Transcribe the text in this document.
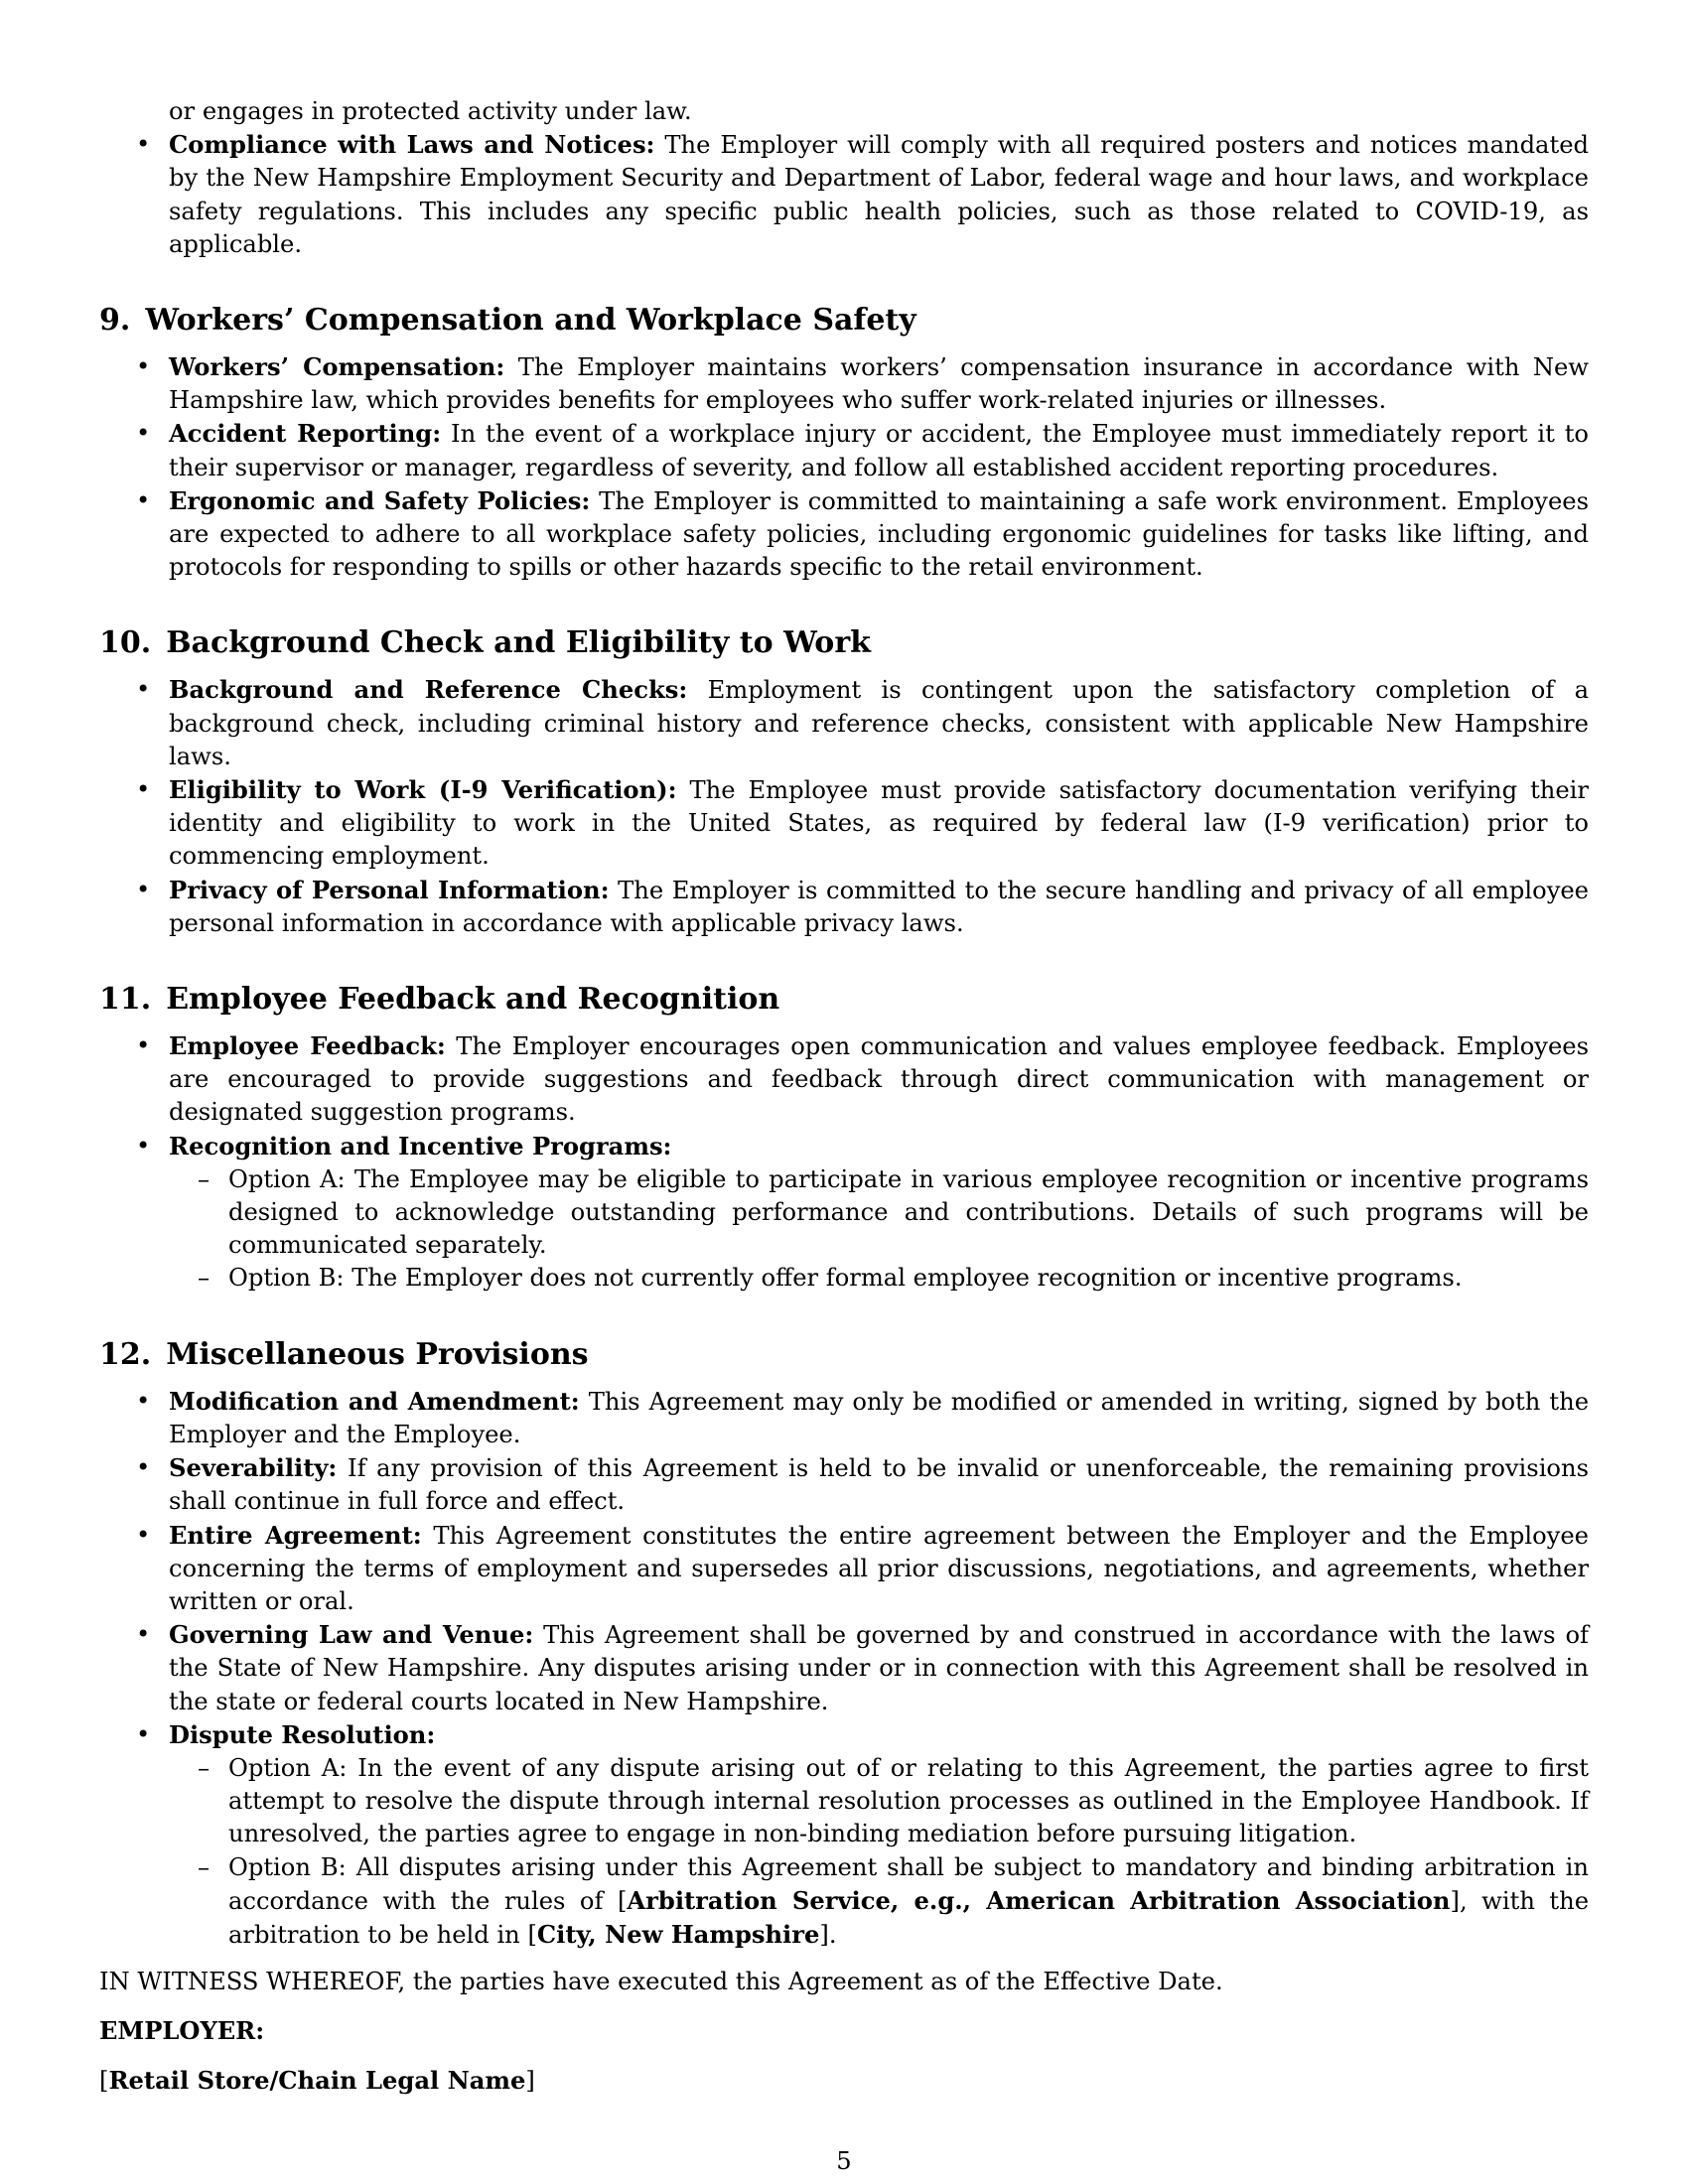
or engages in protected activity under law.
• Compliance with Laws and Notices: The Employer will comply with all required posters and notices mandated by the New Hampshire Employment Security and Department of Labor, federal wage and hour laws, and workplace safety regulations. This includes any specific public health policies, such as those related to COVID-19, as applicable.
9. Workers’ Compensation and Workplace Safety
• Workers’ Compensation: The Employer maintains workers’ compensation insurance in accordance with New Hampshire law, which provides benefits for employees who suffer work-related injuries or illnesses.
• Accident Reporting: In the event of a workplace injury or accident, the Employee must immediately report it to their supervisor or manager, regardless of severity, and follow all established accident reporting procedures.
• Ergonomic and Safety Policies: The Employer is committed to maintaining a safe work environment. Employees are expected to adhere to all workplace safety policies, including ergonomic guidelines for tasks like lifting, and protocols for responding to spills or other hazards specific to the retail environment.
10. Background Check and Eligibility to Work
• Background and Reference Checks: Employment is contingent upon the satisfactory completion of a background check, including criminal history and reference checks, consistent with applicable New Hampshire laws.
• Eligibility to Work (I-9 Verification): The Employee must provide satisfactory documentation verifying their identity and eligibility to work in the United States, as required by federal law (I-9 verification) prior to commencing employment.
• Privacy of Personal Information: The Employer is committed to the secure handling and privacy of all employee personal information in accordance with applicable privacy laws.
11. Employee Feedback and Recognition
• Employee Feedback: The Employer encourages open communication and values employee feedback. Employees are encouraged to provide suggestions and feedback through direct communication with management or designated suggestion programs.
• Recognition and Incentive Programs:
– Option A: The Employee may be eligible to participate in various employee recognition or incentive programs designed to acknowledge outstanding performance and contributions. Details of such programs will be communicated separately.
– Option B: The Employer does not currently offer formal employee recognition or incentive programs.
12. Miscellaneous Provisions
• Modification and Amendment: This Agreement may only be modified or amended in writing, signed by both the Employer and the Employee.
• Severability: If any provision of this Agreement is held to be invalid or unenforceable, the remaining provisions shall continue in full force and effect.
• Entire Agreement: This Agreement constitutes the entire agreement between the Employer and the Employee concerning the terms of employment and supersedes all prior discussions, negotiations, and agreements, whether written or oral.
• Governing Law and Venue: This Agreement shall be governed by and construed in accordance with the laws of the State of New Hampshire. Any disputes arising under or in connection with this Agreement shall be resolved in the state or federal courts located in New Hampshire.
• Dispute Resolution:
– Option A: In the event of any dispute arising out of or relating to this Agreement, the parties agree to first attempt to resolve the dispute through internal resolution processes as outlined in the Employee Handbook. If unresolved, the parties agree to engage in non-binding mediation before pursuing litigation.
– Option B: All disputes arising under this Agreement shall be subject to mandatory and binding arbitration in accordance with the rules of [Arbitration Service, e.g., American Arbitration Association], with the arbitration to be held in [City, New Hampshire].
IN WITNESS WHEREOF, the parties have executed this Agreement as of the Effective Date.
EMPLOYER:
[Retail Store/Chain Legal Name]
5
